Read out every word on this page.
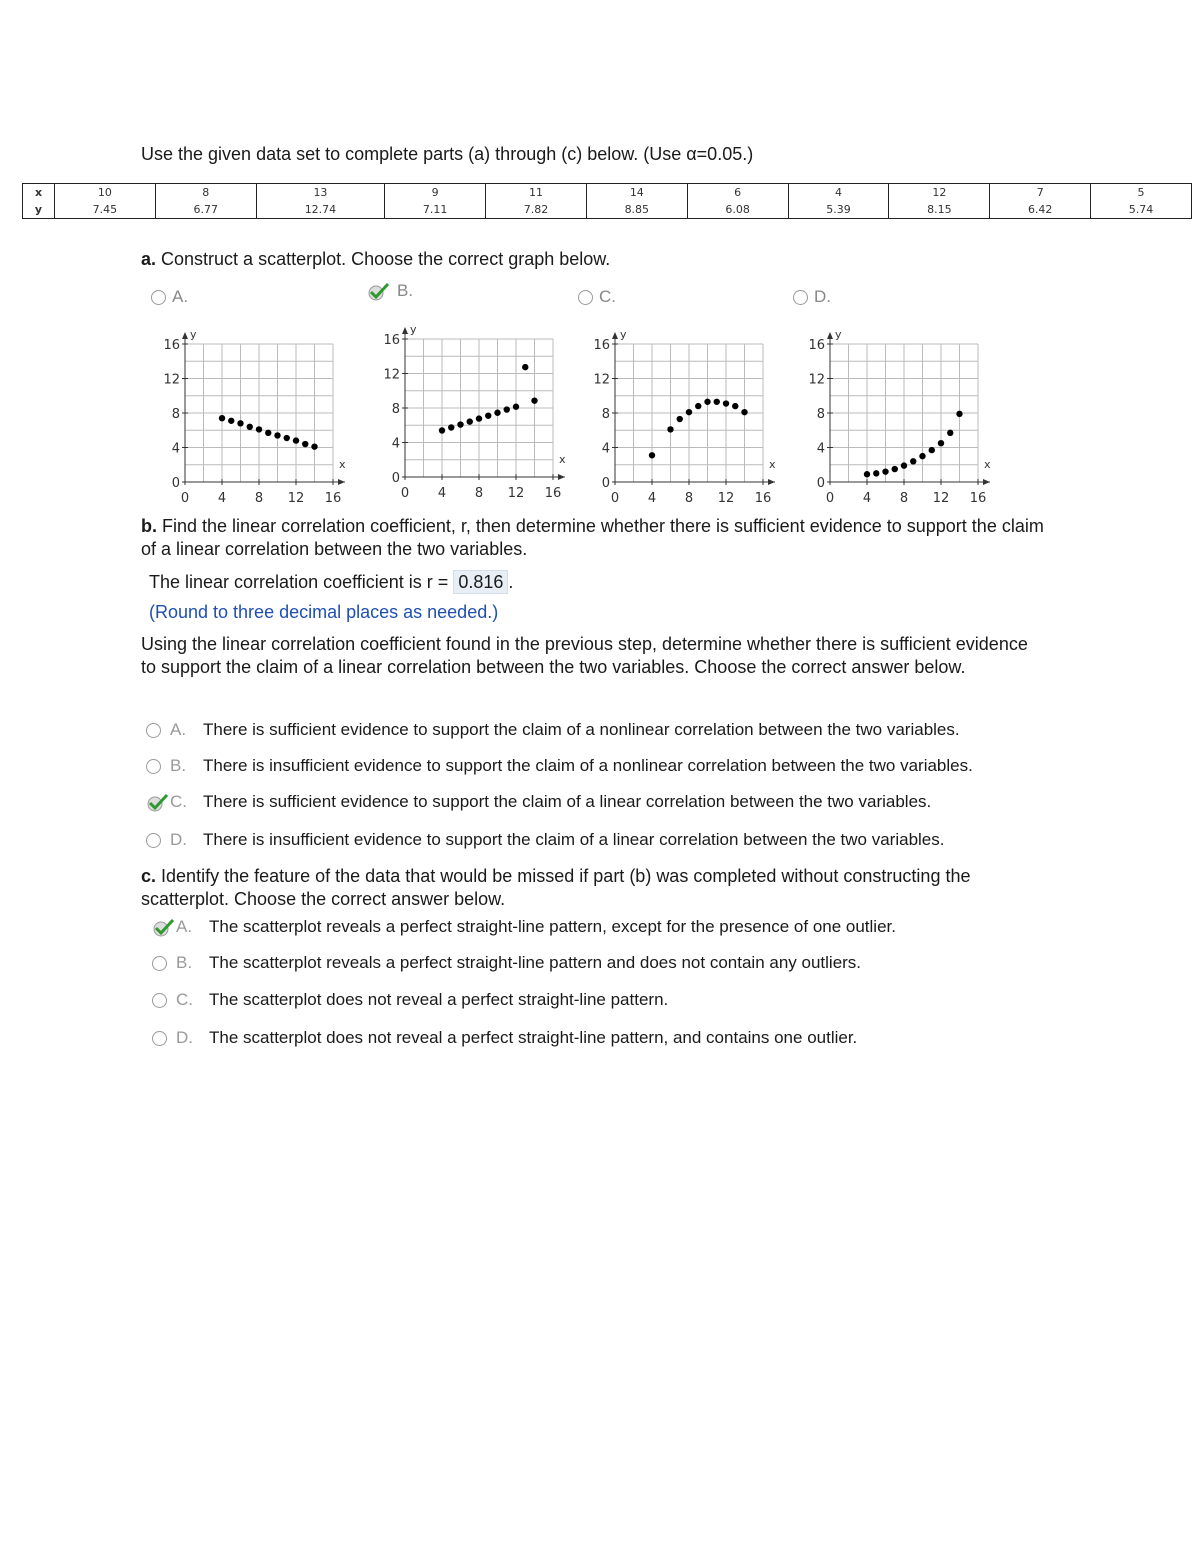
Use the given data set to complete parts (a) through (c) below. (Use α=0.05.)
x	10	8	13	9	11	14	6	4	12	7	5
y	7.45	6.77	12.74	7.11	7.82	8.85	6.08	5.39	8.15	6.42	5.74
a. Construct a scatterplot. Choose the correct graph below.
A.	B.	C.	D.
x
y
0 4 8 12 16
0
4
8
12
16
x
y
0 4 8 12 16
0
4
8
12
16
x
y
0 4 8 12 16
0
4
8
12
16
x
y
0 4 8 12 16
0
4
8
12
16
b. Find the linear correlation coefficient, r, then determine whether there is sufficient evidence to support the claim of a linear correlation between the two variables.
The linear correlation coefficient is r = 0.816 .
(Round to three decimal places as needed.)
Using the linear correlation coefficient found in the previous step, determine whether there is sufficient evidence to support the claim of a linear correlation between the two variables. Choose the correct answer below.
A. There is sufficient evidence to support the claim of a nonlinear correlation between the two variables.
B. There is insufficient evidence to support the claim of a nonlinear correlation between the two variables.
C. There is sufficient evidence to support the claim of a linear correlation between the two variables.
D. There is insufficient evidence to support the claim of a linear correlation between the two variables.
c. Identify the feature of the data that would be missed if part (b) was completed without constructing the scatterplot. Choose the correct answer below.
A. The scatterplot reveals a perfect straight-line pattern, except for the presence of one outlier.
B. The scatterplot reveals a perfect straight-line pattern and does not contain any outliers.
C. The scatterplot does not reveal a perfect straight-line pattern.
D. The scatterplot does not reveal a perfect straight-line pattern, and contains one outlier.
